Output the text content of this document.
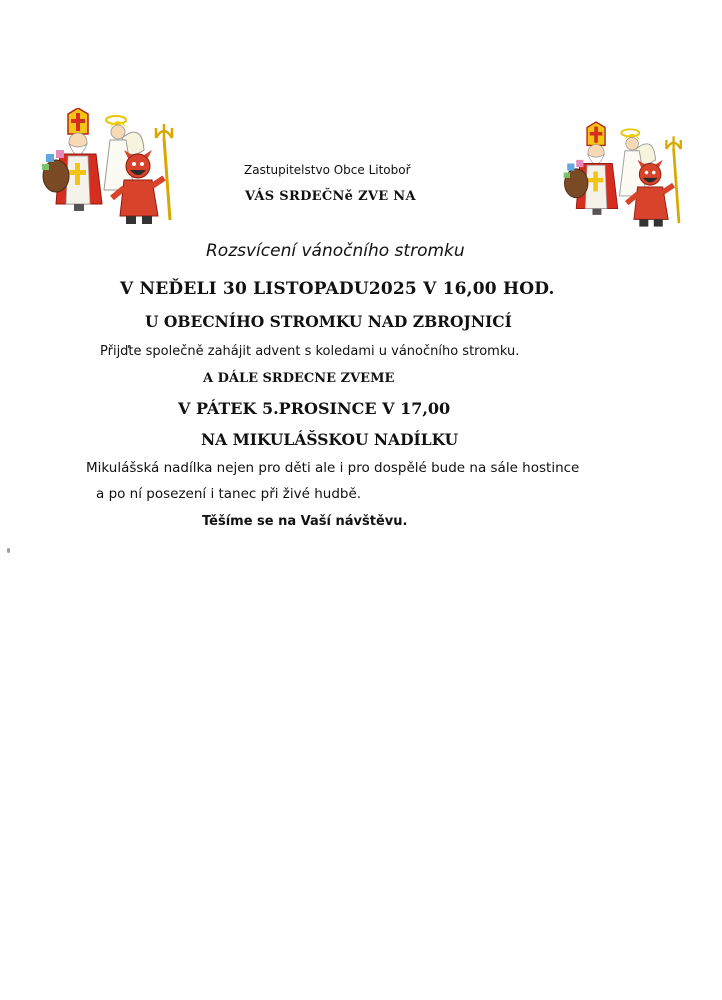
Zastupitelstvo Obce Litoboř
VÁS SRDEČNě ZVE NA
Rozsvícení vánočního stromku
V NEĎELI 30 LISTOPADU2025 V 16,00 HOD.
U OBECNÍHO STROMKU NAD ZBROJNICÍ
Přijďte společně zahájit advent s koledami u vánočního stromku.
A DÁLE SRDECNE ZVEME
V PÁTEK 5.PROSINCE V 17,00
NA MIKULÁŠSKOU NADÍLKU
Mikulášská nadílka nejen pro děti ale i pro dospělé bude na sále hostince
a po ní posezení i tanec při živé hudbě.
Těšíme se na Vaší návštěvu.
